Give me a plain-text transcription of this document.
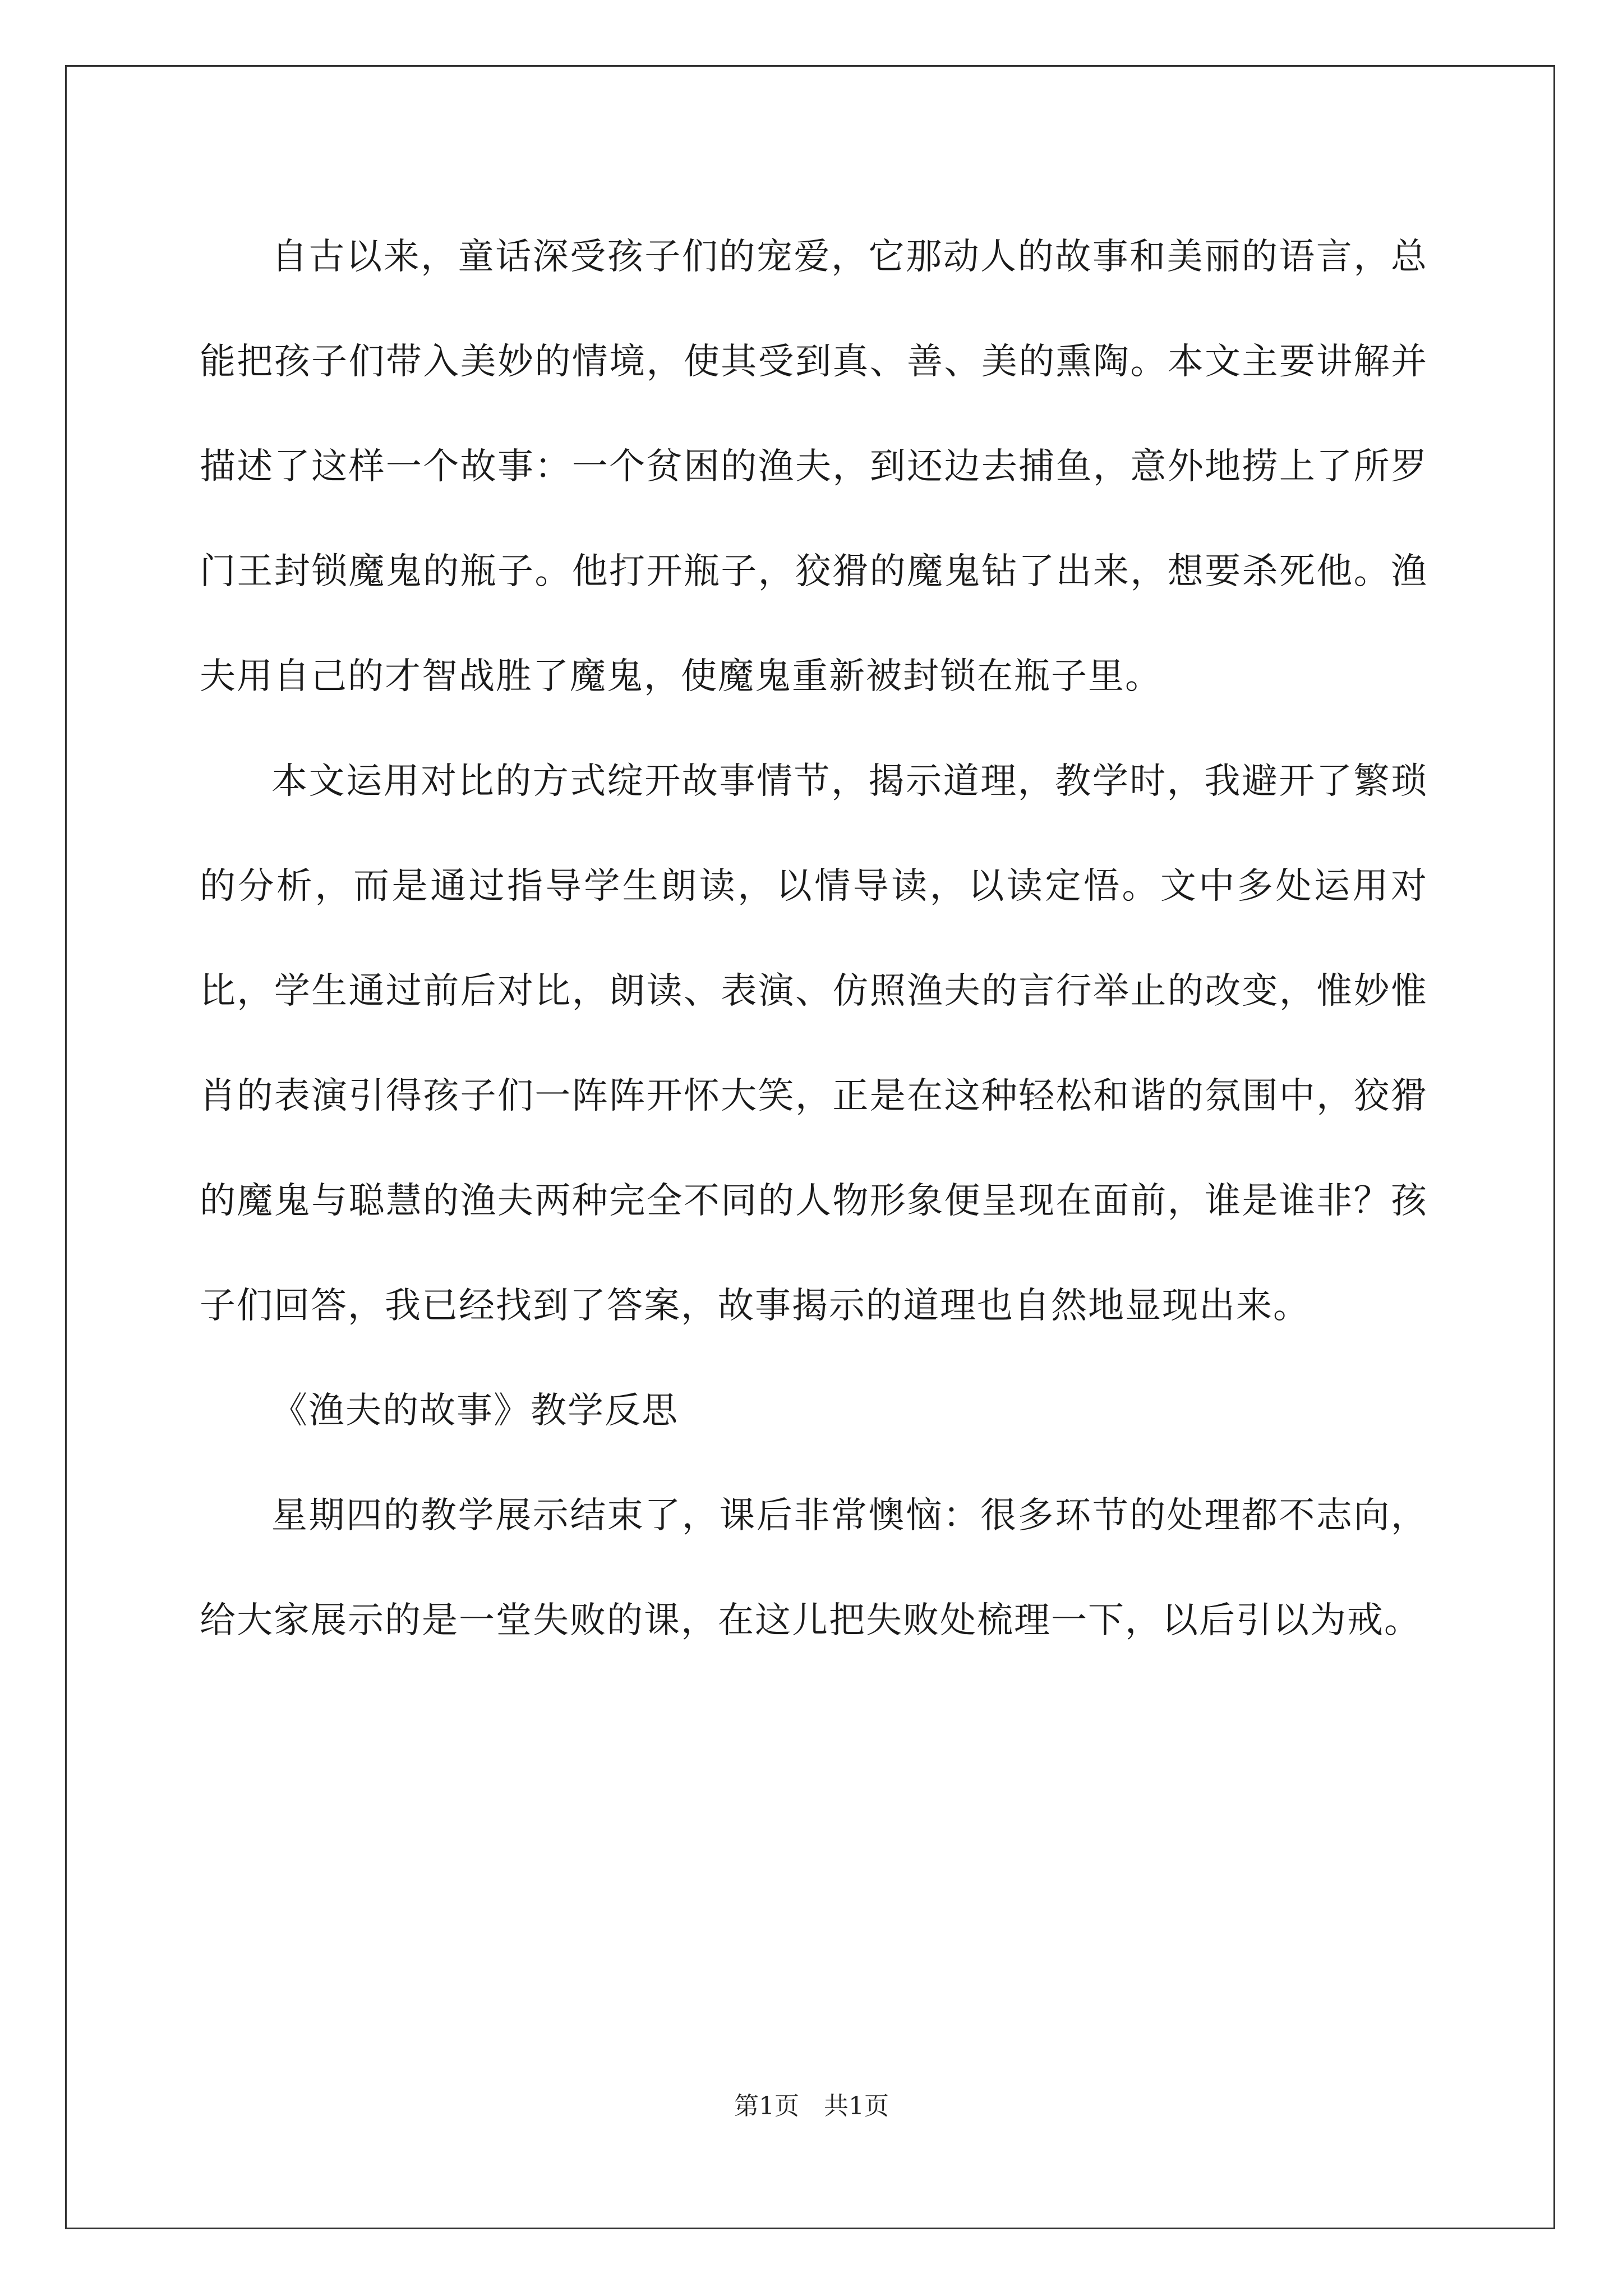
自古以来，童话深受孩子们的宠爱，它那动人的故事和美丽的语言，总能把孩子们带入美妙的情境，使其受到真、善、美的熏陶。本文主要讲解并描述了这样一个故事：一个贫困的渔夫，到还边去捕鱼，意外地捞上了所罗门王封锁魔鬼的瓶子。他打开瓶子，狡猾的魔鬼钻了出来，想要杀死他。渔夫用自己的才智战胜了魔鬼，使魔鬼重新被封锁在瓶子里。

本文运用对比的方式绽开故事情节，揭示道理，教学时，我避开了繁琐的分析，而是通过指导学生朗读，以情导读，以读定悟。文中多处运用对比，学生通过前后对比，朗读、表演、仿照渔夫的言行举止的改变，惟妙惟肖的表演引得孩子们一阵阵开怀大笑，正是在这种轻松和谐的氛围中，狡猾的魔鬼与聪慧的渔夫两种完全不同的人物形象便呈现在面前，谁是谁非？孩子们回答，我已经找到了答案，故事揭示的道理也自然地显现出来。

《渔夫的故事》教学反思

星期四的教学展示结束了，课后非常懊恼：很多环节的处理都不志向，给大家展示的是一堂失败的课，在这儿把失败处梳理一下，以后引以为戒。

第1页 共1页
